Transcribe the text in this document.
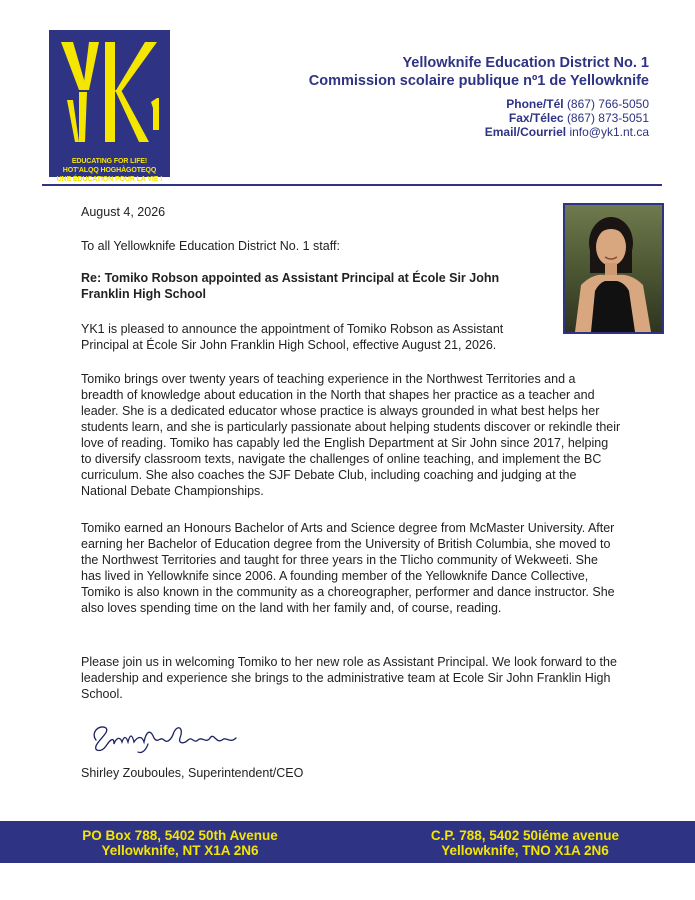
EDUCATING FOR LIFE!
HOT'ALQQ HOGHÀGOTEQQ
UNE ÉDUCATION POUR LA VIE !
Yellowknife Education District No. 1
Commission scolaire publique nº1 de Yellowknife
Phone/Tél (867) 766-5050
Fax/Télec (867) 873-5051
Email/Courriel info@yk1.nt.ca
August 4, 2026
To all Yellowknife Education District No. 1 staff:
Re: Tomiko Robson appointed as Assistant Principal at École Sir John Franklin High School
YK1 is pleased to announce the appointment of Tomiko Robson as Assistant Principal at École Sir John Franklin High School, effective August 21, 2026.
Tomiko brings over twenty years of teaching experience in the Northwest Territories and a breadth of knowledge about education in the North that shapes her practice as a teacher and leader. She is a dedicated educator whose practice is always grounded in what best helps her students learn, and she is particularly passionate about helping students discover or rekindle their love of reading. Tomiko has capably led the English Department at Sir John since 2017, helping to diversify classroom texts, navigate the challenges of online teaching, and implement the BC curriculum. She also coaches the SJF Debate Club, including coaching and judging at the National Debate Championships.
Tomiko earned an Honours Bachelor of Arts and Science degree from McMaster University. After earning her Bachelor of Education degree from the University of British Columbia, she moved to the Northwest Territories and taught for three years in the Tlicho community of Wekweeti. She has lived in Yellowknife since 2006. A founding member of the Yellowknife Dance Collective, Tomiko is also known in the community as a choreographer, performer and dance instructor. She also loves spending time on the land with her family and, of course, reading.
Please join us in welcoming Tomiko to her new role as Assistant Principal. We look forward to the leadership and experience she brings to the administrative team at Ecole Sir John Franklin High School.
Shirley Zouboules, Superintendent/CEO
PO Box 788, 5402 50th Avenue
Yellowknife, NT X1A 2N6
C.P. 788, 5402 50iéme avenue
Yellowknife, TNO X1A 2N6
